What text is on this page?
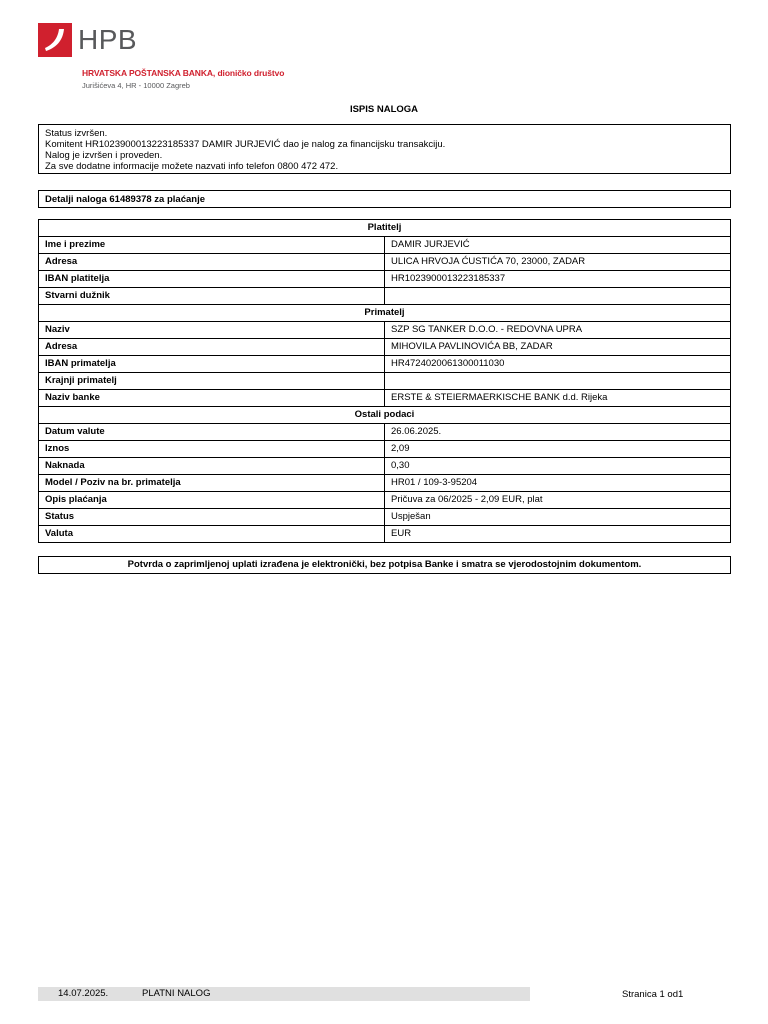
HPB
HRVATSKA POŠTANSKA BANKA, dioničko društvo
Jurišićeva 4, HR - 10000 Zagreb
ISPIS NALOGA
Status izvršen.
Komitent HR1023900013223185337 DAMIR JURJEVIĆ dao je nalog za financijsku transakciju.
Nalog je izvršen i proveden.
Za sve dodatne informacije možete nazvati info telefon 0800 472 472.
Detalji naloga 61489378 za plaćanje
Platitelj	
Ime i prezime	DAMIR JURJEVIĆ
Adresa	ULICA HRVOJA ĆUSTIĆA 70, 23000, ZADAR
IBAN platitelja	HR1023900013223185337
Stvarni dužnik	
Primatelj	
Naziv	SZP SG TANKER D.O.O. - REDOVNA UPRA
Adresa	MIHOVILA PAVLINOVIĆA BB, ZADAR
IBAN primatelja	HR4724020061300011030
Krajnji primatelj	
Naziv banke	ERSTE & STEIERMAERKISCHE BANK d.d. Rijeka
Ostali podaci	
Datum valute	26.06.2025.
Iznos	2,09
Naknada	0,30
Model / Poziv na br. primatelja	HR01 / 109-3-95204
Opis plaćanja	Pričuva za 06/2025 - 2,09 EUR, plat
Status	Uspješan
Valuta	EUR
Potvrda o zaprimljenoj uplati izrađena je elektronički, bez potpisa Banke i smatra se vjerodostojnim dokumentom.
14.07.2025.	PLATNI NALOG	Stranica 1 od1
